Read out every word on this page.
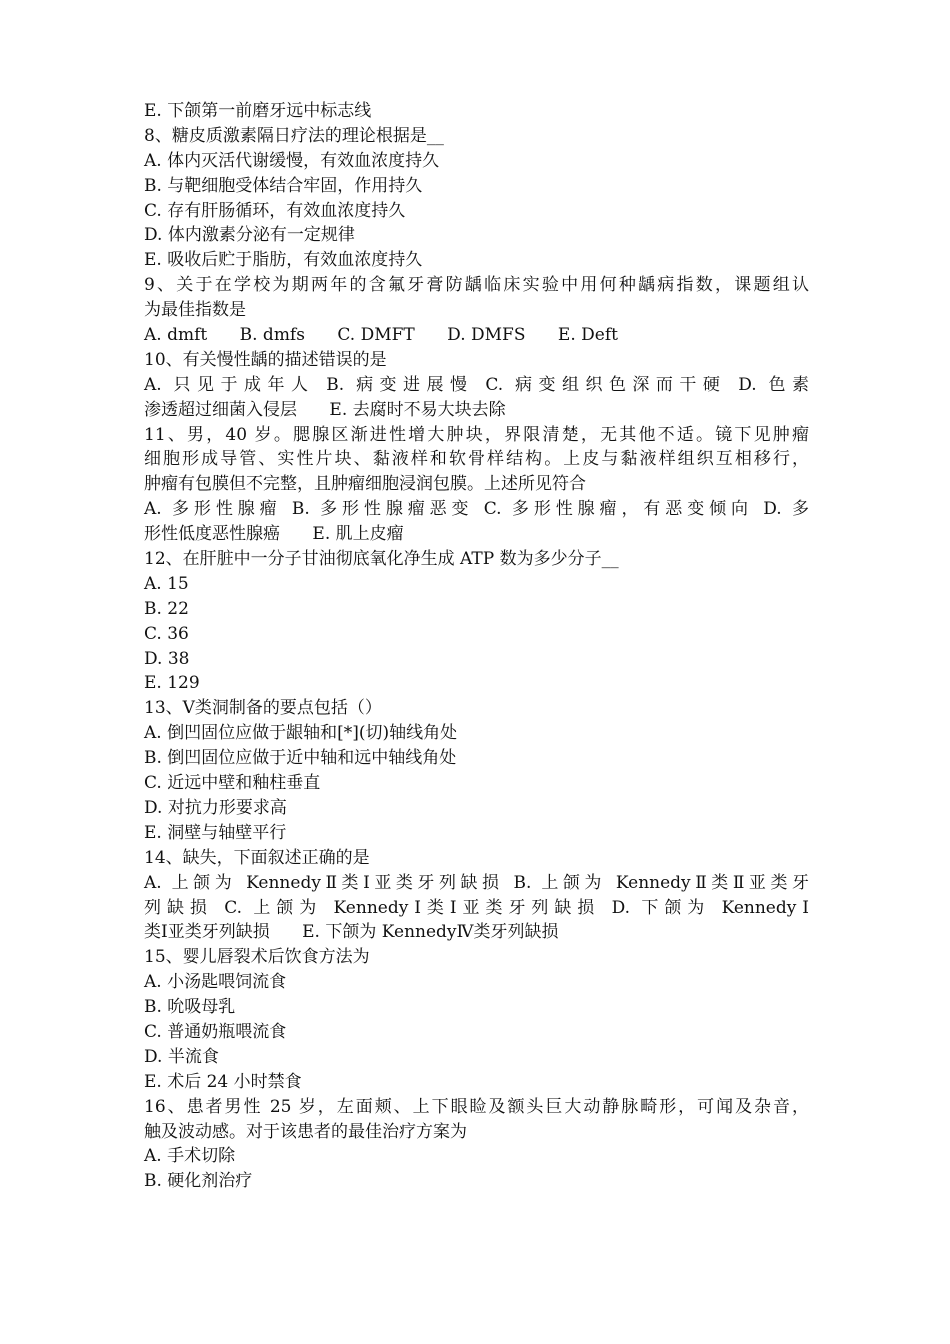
E. 下颌第一前磨牙远中标志线
8、糖皮质激素隔日疗法的理论根据是__
A. 体内灭活代谢缓慢，有效血浓度持久
B. 与靶细胞受体结合牢固，作用持久
C. 存有肝肠循环，有效血浓度持久
D. 体内激素分泌有一定规律
E. 吸收后贮于脂肪，有效血浓度持久
9、关于在学校为期两年的含氟牙膏防龋临床实验中用何种龋病指数，课题组认
为最佳指数是
A. dmft      B. dmfs      C. DMFT      D. DMFS      E. Deft
10、有关慢性龋的描述错误的是
A. 只见于成年人 B. 病变进展慢 C. 病变组织色深而干硬 D. 色素
渗透超过细菌入侵层      E. 去腐时不易大块去除
11、男，40 岁。腮腺区渐进性增大肿块，界限清楚，无其他不适。镜下见肿瘤
细胞形成导管、实性片块、黏液样和软骨样结构。上皮与黏液样组织互相移行，
肿瘤有包膜但不完整，且肿瘤细胞浸润包膜。上述所见符合
A. 多形性腺瘤 B. 多形性腺瘤恶变 C. 多形性腺瘤，有恶变倾向 D. 多
形性低度恶性腺癌      E. 肌上皮瘤
12、在肝脏中一分子甘油彻底氧化净生成 ATP 数为多少分子__
A. 15
B. 22
C. 36
D. 38
E. 129
13、V类洞制备的要点包括（）
A. 倒凹固位应做于龈轴和[*](切)轴线角处
B. 倒凹固位应做于近中轴和远中轴线角处
C. 近远中壁和釉柱垂直
D. 对抗力形要求高
E. 洞壁与轴壁平行
14、缺失，下面叙述正确的是
A. 上颌为 KennedyⅡ类Ⅰ亚类牙列缺损 B. 上颌为 KennedyⅡ类Ⅱ亚类牙
列缺损 C. 上颌为 KennedyⅠ类Ⅰ亚类牙列缺损 D. 下颌为 KennedyⅠ
类Ⅰ亚类牙列缺损      E. 下颌为 KennedyⅣ类牙列缺损
15、婴儿唇裂术后饮食方法为
A. 小汤匙喂饲流食
B. 吮吸母乳
C. 普通奶瓶喂流食
D. 半流食
E. 术后 24 小时禁食
16、患者男性 25 岁，左面颊、上下眼睑及额头巨大动静脉畸形，可闻及杂音，
触及波动感。对于该患者的最佳治疗方案为
A. 手术切除
B. 硬化剂治疗
